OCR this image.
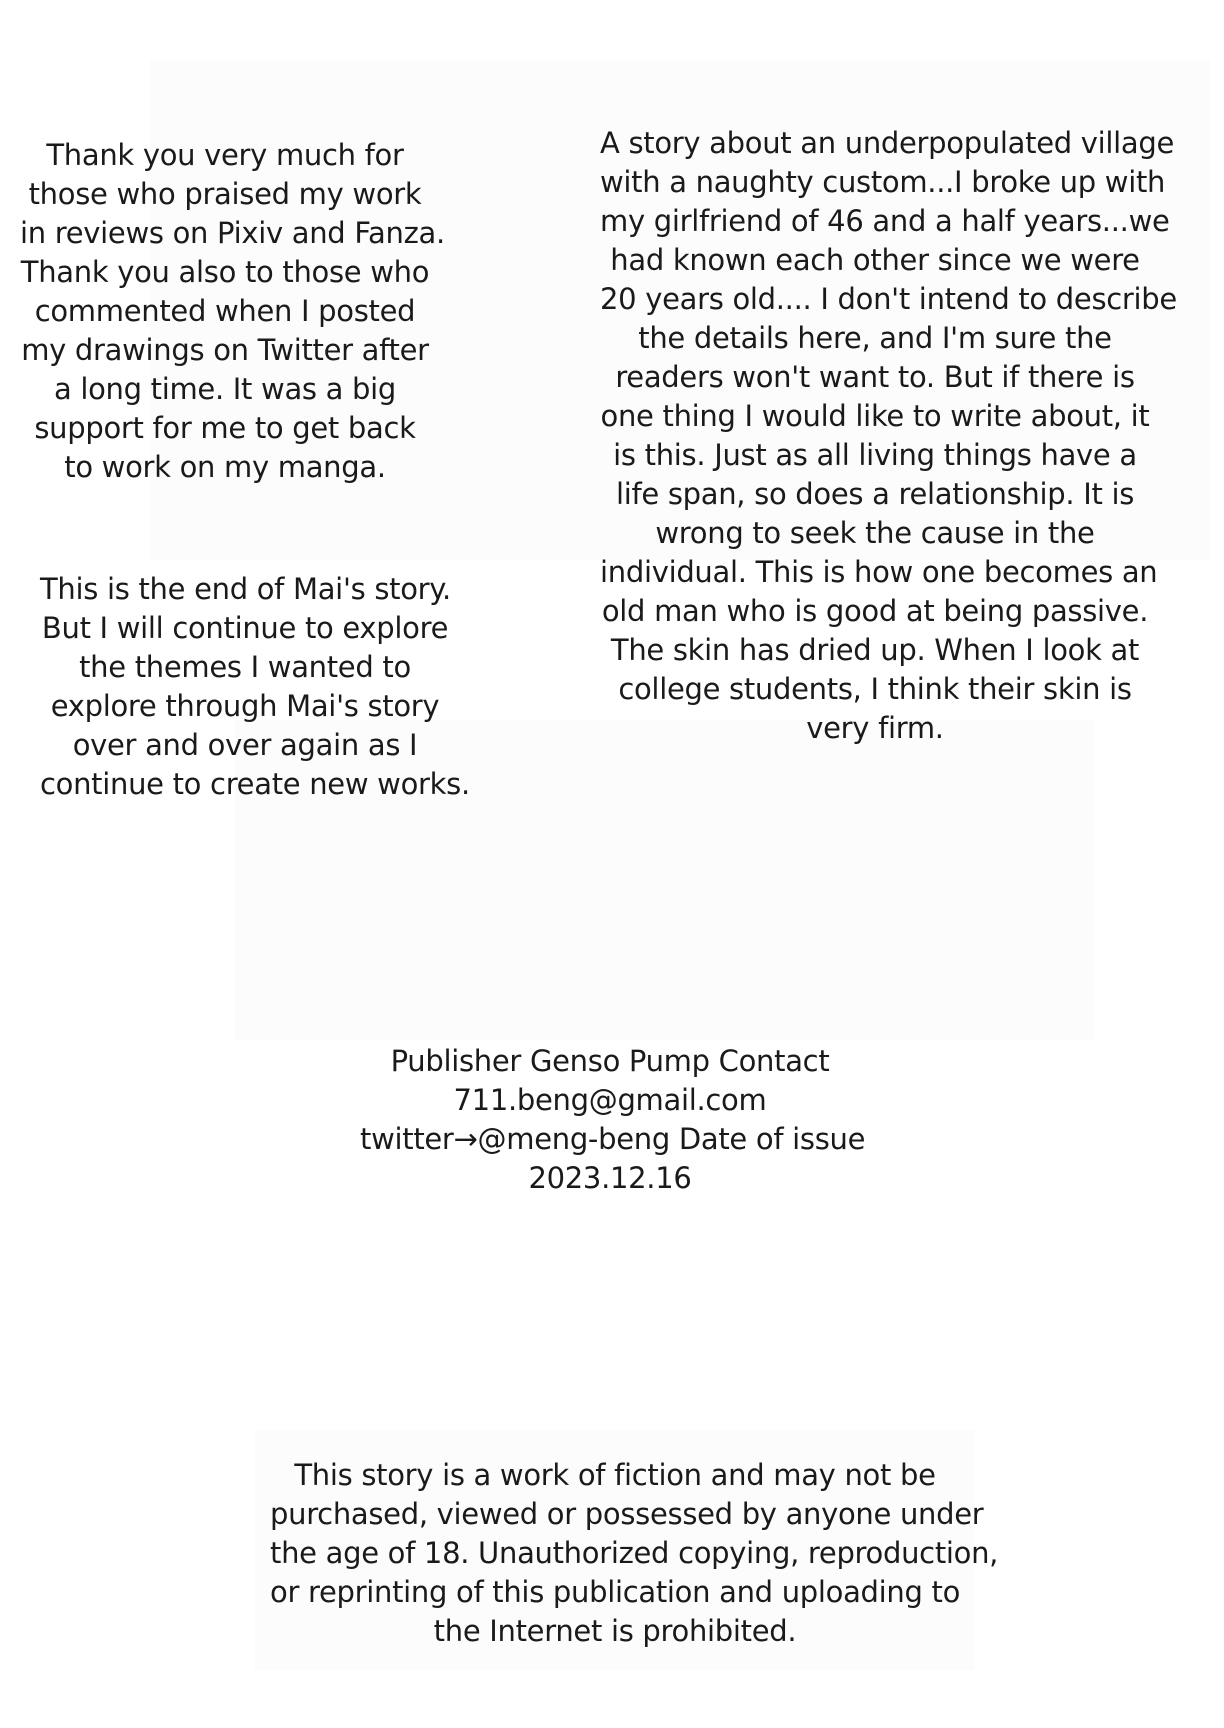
Thank you very much for
those who praised my work
in reviews on Pixiv and Fanza.
Thank you also to those who
commented when I posted
my drawings on Twitter after
a long time. It was a big
support for me to get back
to work on my manga.
This is the end of Mai's story.
But I will continue to explore
the themes I wanted to
explore through Mai's story
over and over again as I
continue to create new works.
A story about an underpopulated village
with a naughty custom...I broke up with
my girlfriend of 46 and a half years...we
had known each other since we were
20 years old.... I don't intend to describe
the details here, and I'm sure the
readers won't want to. But if there is
one thing I would like to write about, it
is this. Just as all living things have a
life span, so does a relationship. It is
wrong to seek the cause in the
individual. This is how one becomes an
old man who is good at being passive.
The skin has dried up. When I look at
college students, I think their skin is
very firm.
Publisher Genso Pump Contact
711.beng@gmail.com
twitter→@meng-beng Date of issue
2023.12.16
This story is a work of fiction and may not be
purchased, viewed or possessed by anyone under
the age of 18. Unauthorized copying, reproduction,
or reprinting of this publication and uploading to
the Internet is prohibited.
